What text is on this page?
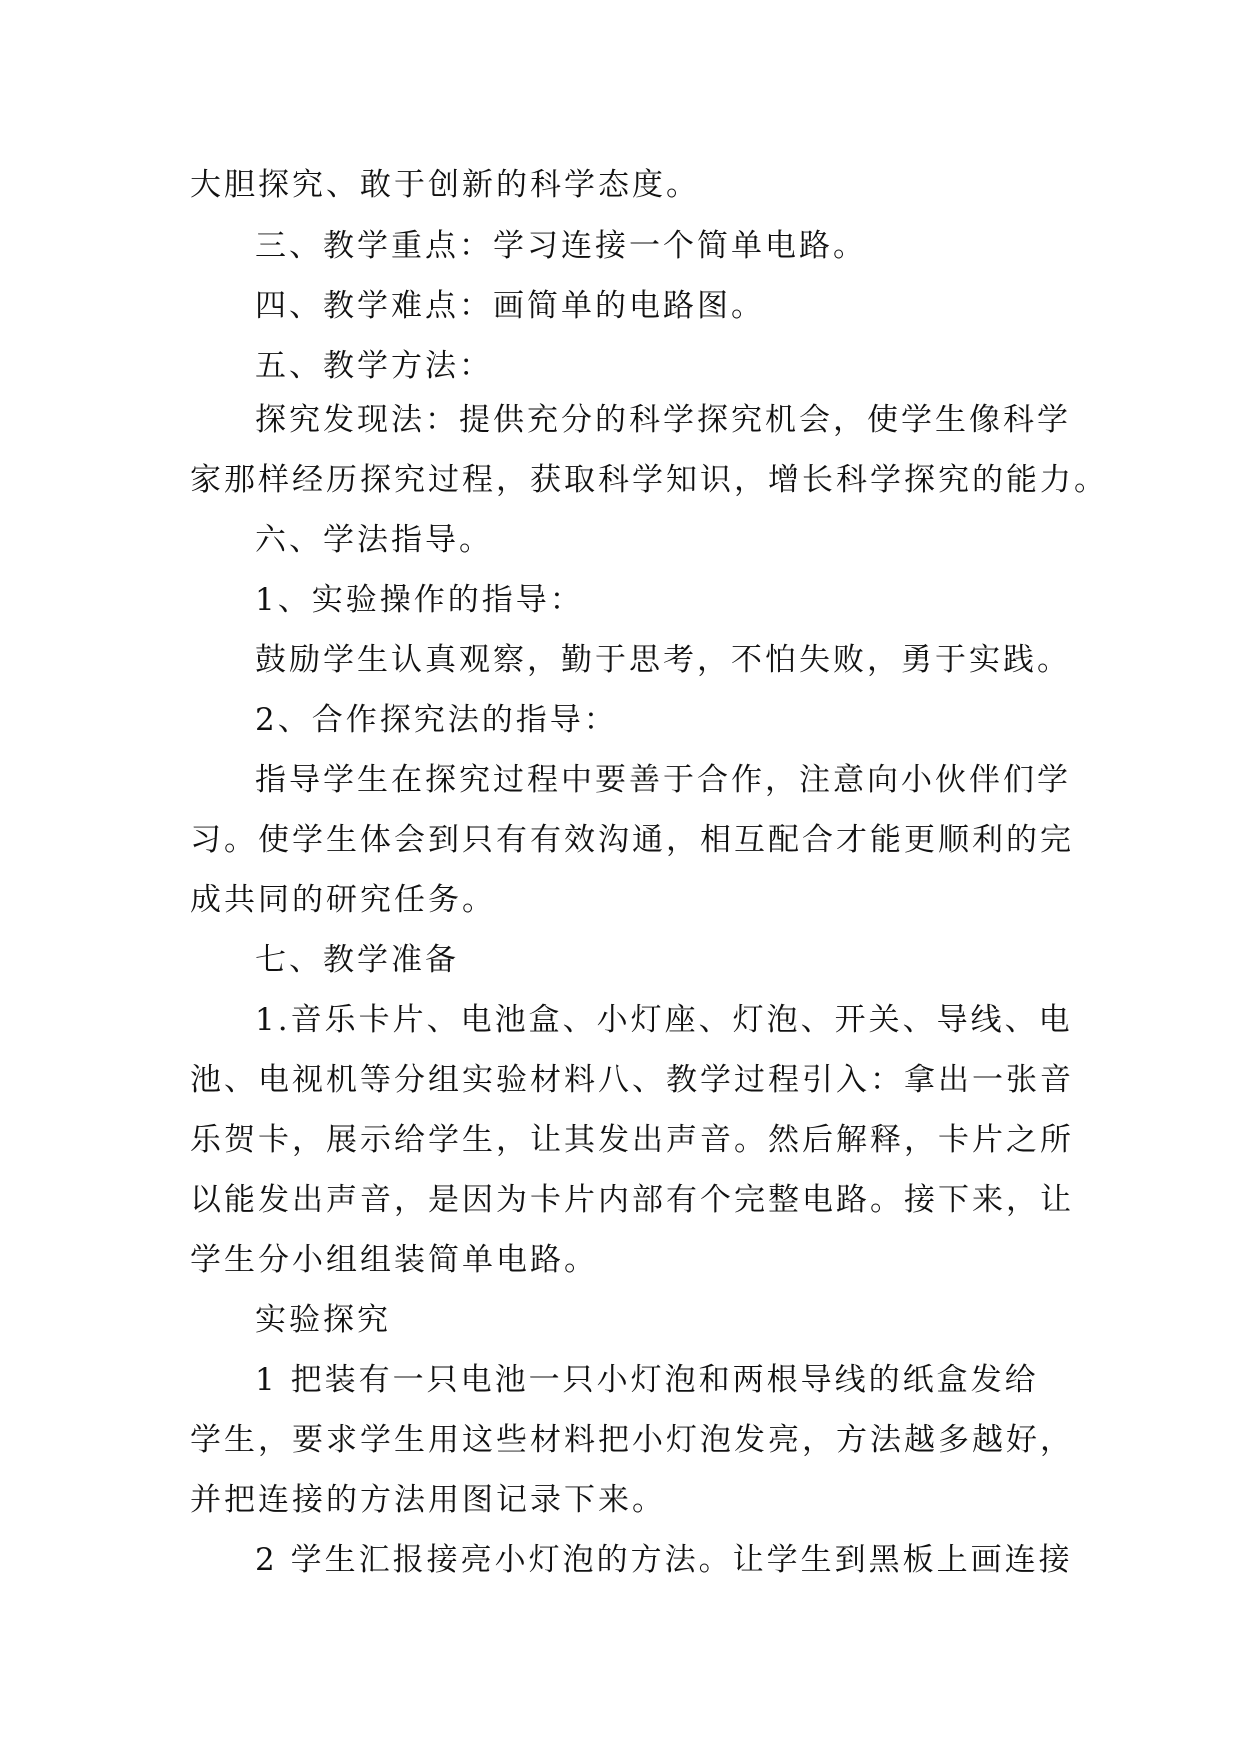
大胆探究、敢于创新的科学态度。
三、教学重点：学习连接一个简单电路。
四、教学难点：画简单的电路图。
五、教学方法：
探究发现法：提供充分的科学探究机会，使学生像科学
家那样经历探究过程，获取科学知识，增长科学探究的能力。
六、学法指导。
1、实验操作的指导：
鼓励学生认真观察，勤于思考，不怕失败，勇于实践。
2、合作探究法的指导：
指导学生在探究过程中要善于合作，注意向小伙伴们学
习。使学生体会到只有有效沟通，相互配合才能更顺利的完
成共同的研究任务。
七、教学准备
1.音乐卡片、电池盒、小灯座、灯泡、开关、导线、电
池、电视机等分组实验材料八、教学过程引入：拿出一张音
乐贺卡，展示给学生，让其发出声音。然后解释，卡片之所
以能发出声音，是因为卡片内部有个完整电路。接下来，让
学生分小组组装简单电路。
实验探究
1 把装有一只电池一只小灯泡和两根导线的纸盒发给
学生，要求学生用这些材料把小灯泡发亮，方法越多越好，
并把连接的方法用图记录下来。
2 学生汇报接亮小灯泡的方法。让学生到黑板上画连接
